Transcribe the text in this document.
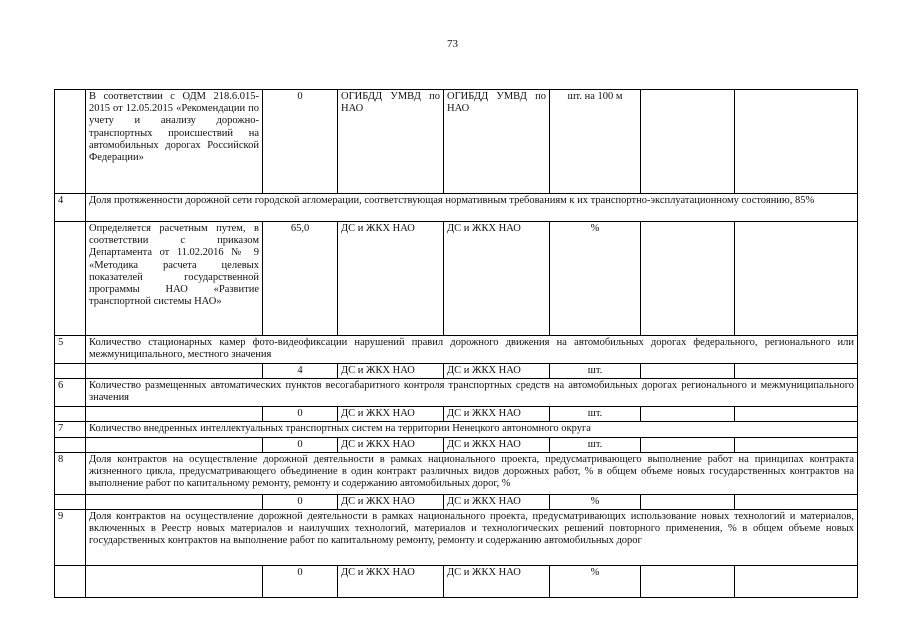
73
	В соответствии с ОДМ 218.6.015-2015 от 12.05.2015 «Рекомендации по учету и анализу дорожно-транспортных происшествий на автомобильных дорогах Российской Федерации»	0	ОГИБДД УМВД по НАО	ОГИБДД УМВД по НАО	шт. на 100 м		
4	Доля протяженности дорожной сети городской агломерации, соответствующая нормативным требованиям к их транспортно-эксплуатационному состоянию, 85%						
	Определяется расчетным путем, в соответствии с приказом Департамента от 11.02.2016 № 9 «Методика расчета целевых показателей государственной программы НАО «Развитие транспортной системы НАО»	65,0	ДС и ЖКХ НАО	ДС и ЖКХ НАО	%		
5	Количество стационарных камер фото-видеофиксации нарушений правил дорожного движения на автомобильных дорогах федерального, регионального или межмуниципального, местного значения						
		4	ДС и ЖКХ НАО	ДС и ЖКХ НАО	шт.		
6	Количество размещенных автоматических пунктов весогабаритного контроля транспортных средств на автомобильных дорогах регионального и межмуниципального значения						
		0	ДС и ЖКХ НАО	ДС и ЖКХ НАО	шт.		
7	Количество внедренных интеллектуальных транспортных систем на территории Ненецкого автономного округа						
		0	ДС и ЖКХ НАО	ДС и ЖКХ НАО	шт.		
8	Доля контрактов на осуществление дорожной деятельности в рамках национального проекта, предусматривающего выполнение работ на принципах контракта жизненного цикла, предусматривающего объединение в один контракт различных видов дорожных работ, % в общем объеме новых государственных контрактов на выполнение работ по капитальному ремонту, ремонту и содержанию автомобильных дорог, %						
		0	ДС и ЖКХ НАО	ДС и ЖКХ НАО	%		
9	Доля контрактов на осуществление дорожной деятельности в рамках национального проекта, предусматривающих использование новых технологий и материалов, включенных в Реестр новых материалов и наилучших технологий, материалов и технологических решений повторного применения, % в общем объеме новых государственных контрактов на выполнение работ по капитальному ремонту, ремонту и содержанию автомобильных дорог						
		0	ДС и ЖКХ НАО	ДС и ЖКХ НАО	%		
